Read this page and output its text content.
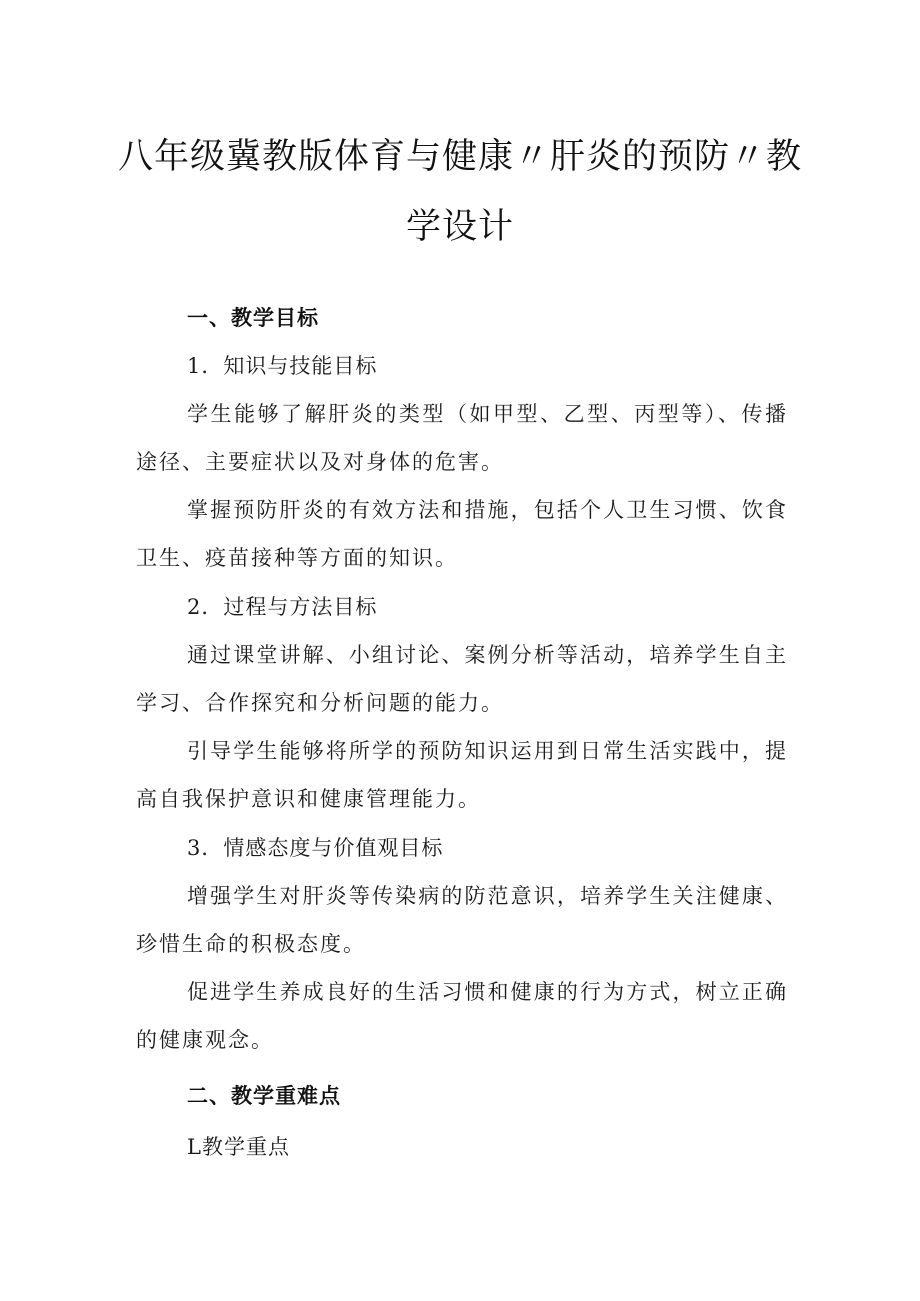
八年级冀教版体育与健康〃肝炎的预防〃教
学设计
一、教学目标
1．知识与技能目标
学生能够了解肝炎的类型（如甲型、乙型、丙型等）、传播途径、主要症状以及对身体的危害。
掌握预防肝炎的有效方法和措施，包括个人卫生习惯、饮食卫生、疫苗接种等方面的知识。
2．过程与方法目标
通过课堂讲解、小组讨论、案例分析等活动，培养学生自主学习、合作探究和分析问题的能力。
引导学生能够将所学的预防知识运用到日常生活实践中，提高自我保护意识和健康管理能力。
3．情感态度与价值观目标
增强学生对肝炎等传染病的防范意识，培养学生关注健康、珍惜生命的积极态度。
促进学生养成良好的生活习惯和健康的行为方式，树立正确的健康观念。
二、教学重难点
L教学重点
